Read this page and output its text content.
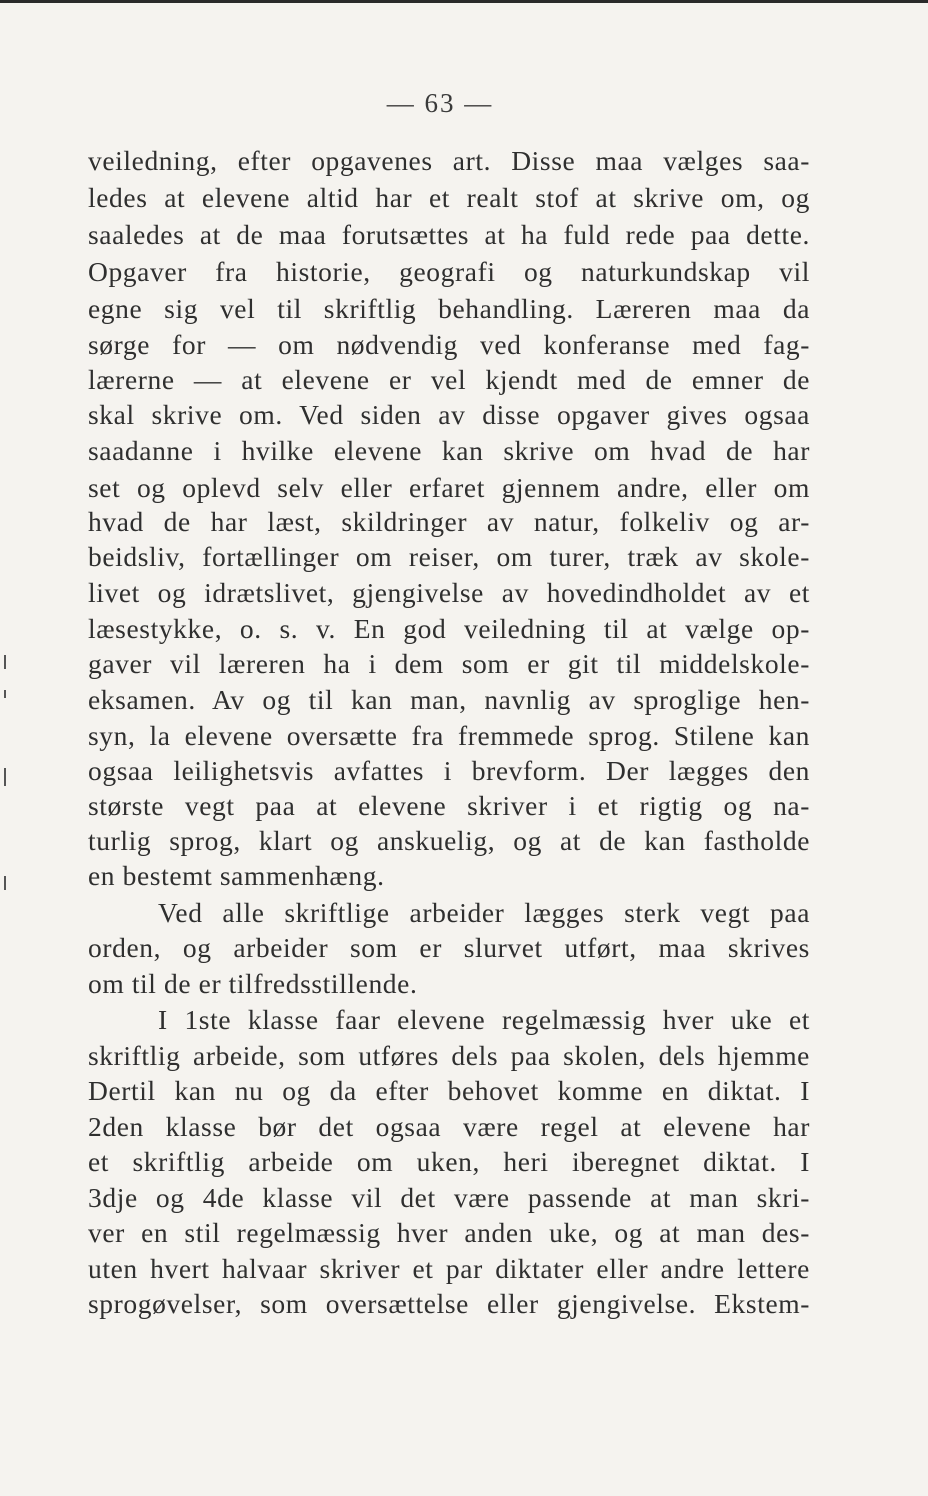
— 63 —
veiledning, efter opgavenes art. Disse maa vælges saa-
ledes at elevene altid har et realt stof at skrive om, og
saaledes at de maa forutsættes at ha fuld rede paa dette.
Opgaver fra historie, geografi og naturkundskap vil
egne sig vel til skriftlig behandling. Læreren maa da
sørge for — om nødvendig ved konferanse med fag-
lærerne — at elevene er vel kjendt med de emner de
skal skrive om. Ved siden av disse opgaver gives ogsaa
saadanne i hvilke elevene kan skrive om hvad de har
set og oplevd selv eller erfaret gjennem andre, eller om
hvad de har læst, skildringer av natur, folkeliv og ar-
beidsliv, fortællinger om reiser, om turer, træk av skole-
livet og idrætslivet, gjengivelse av hovedindholdet av et
læsestykke, o. s. v. En god veiledning til at vælge op-
gaver vil læreren ha i dem som er git til middelskole-
eksamen. Av og til kan man, navnlig av sproglige hen-
syn, la elevene oversætte fra fremmede sprog. Stilene kan
ogsaa leilighetsvis avfattes i brevform. Der lægges den
største vegt paa at elevene skriver i et rigtig og na-
turlig sprog, klart og anskuelig, og at de kan fastholde
en bestemt sammenhæng.
Ved alle skriftlige arbeider lægges sterk vegt paa
orden, og arbeider som er slurvet utført, maa skrives
om til de er tilfredsstillende.
I 1ste klasse faar elevene regelmæssig hver uke et
skriftlig arbeide, som utføres dels paa skolen, dels hjemme
Dertil kan nu og da efter behovet komme en diktat. I
2den klasse bør det ogsaa være regel at elevene har
et skriftlig arbeide om uken, heri iberegnet diktat. I
3dje og 4de klasse vil det være passende at man skri-
ver en stil regelmæssig hver anden uke, og at man des-
uten hvert halvaar skriver et par diktater eller andre lettere
sprogøvelser, som oversættelse eller gjengivelse. Ekstem-
